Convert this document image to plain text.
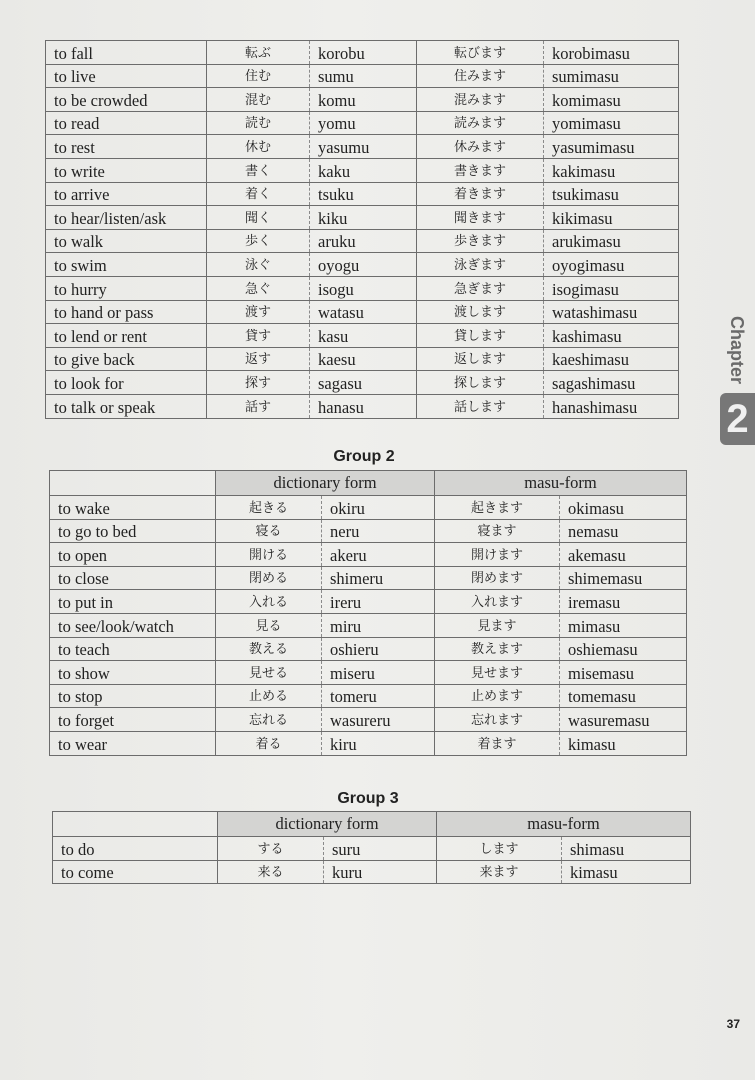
to fall	転ぶ	korobu	転びます	korobimasu
to live	住む	sumu	住みます	sumimasu
to be crowded	混む	komu	混みます	komimasu
to read	読む	yomu	読みます	yomimasu
to rest	休む	yasumu	休みます	yasumimasu
to write	書く	kaku	書きます	kakimasu
to arrive	着く	tsuku	着きます	tsukimasu
to hear/listen/ask	聞く	kiku	聞きます	kikimasu
to walk	歩く	aruku	歩きます	arukimasu
to swim	泳ぐ	oyogu	泳ぎます	oyogimasu
to hurry	急ぐ	isogu	急ぎます	isogimasu
to hand or pass	渡す	watasu	渡します	watashimasu
to lend or rent	貸す	kasu	貸します	kashimasu
to give back	返す	kaesu	返します	kaeshimasu
to look for	探す	sagasu	探します	sagashimasu
to talk or speak	話す	hanasu	話します	hanashimasu
Group 2
	dictionary form		masu-form	
to wake	起きる	okiru	起きます	okimasu
to go to bed	寝る	neru	寝ます	nemasu
to open	開ける	akeru	開けます	akemasu
to close	閉める	shimeru	閉めます	shimemasu
to put in	入れる	ireru	入れます	iremasu
to see/look/watch	見る	miru	見ます	mimasu
to teach	教える	oshieru	教えます	oshiemasu
to show	見せる	miseru	見せます	misemasu
to stop	止める	tomeru	止めます	tomemasu
to forget	忘れる	wasureru	忘れます	wasuremasu
to wear	着る	kiru	着ます	kimasu
Group 3
	dictionary form		masu-form	
to do	する	suru	します	shimasu
to come	来る	kuru	来ます	kimasu
Chapter
2
37
